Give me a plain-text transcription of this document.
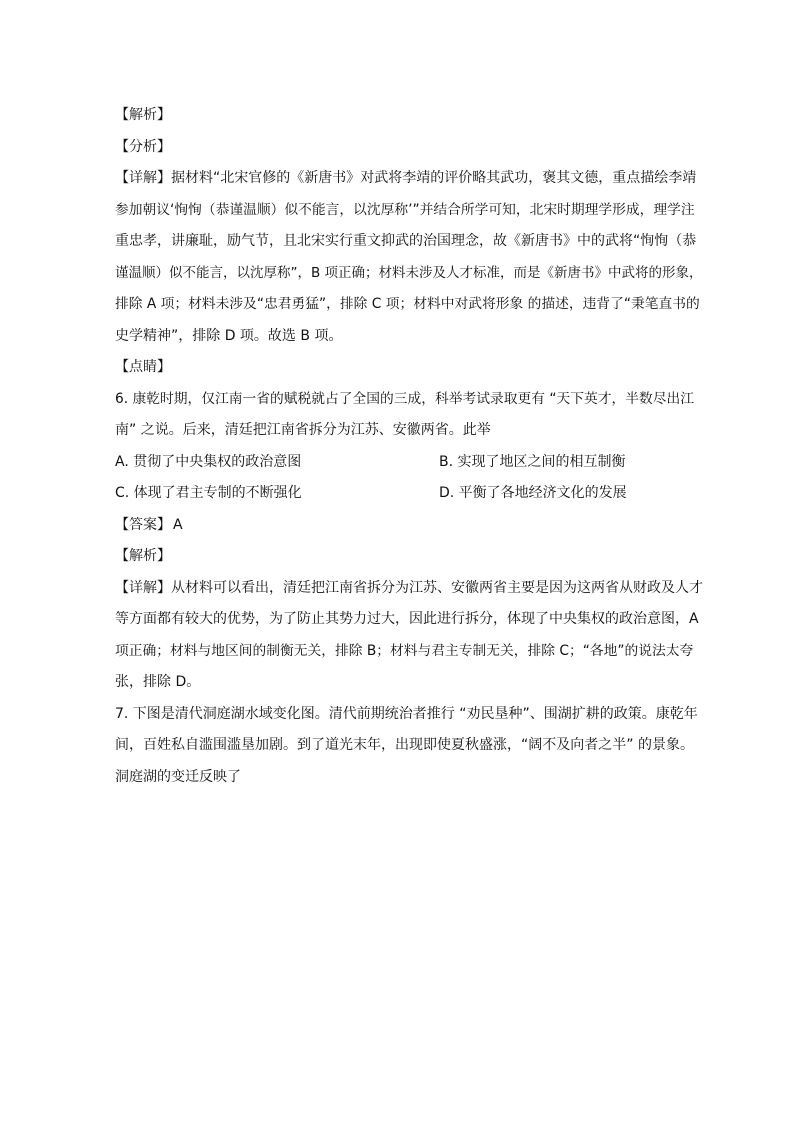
【解析】
【分析】
【详解】据材料“北宋官修的《新唐书》对武将李靖的评价略其武功，褒其文德，重点描绘李靖
参加朝议‘恂恂（恭谨温顺）似不能言，以沈厚称’”并结合所学可知，北宋时期理学形成，理学注
重忠孝，讲廉耻，励气节，且北宋实行重文抑武的治国理念，故《新唐书》中的武将“恂恂（恭
谨温顺）似不能言，以沈厚称”，B 项正确；材料未涉及人才标准，而是《新唐书》中武将的形象，
排除 A 项；材料未涉及“忠君勇猛”，排除 C 项；材料中对武将形象 的描述，违背了“秉笔直书的
史学精神”，排除 D 项。故选 B 项。
【点睛】
6. 康乾时期，仅江南一省的赋税就占了全国的三成，科举考试录取更有 “天下英才，半数尽出江
南” 之说。后来，清廷把江南省拆分为江苏、安徽两省。此举
A. 贯彻了中央集权的政治意图	B. 实现了地区之间的相互制衡
C. 体现了君主专制的不断强化	D. 平衡了各地经济文化的发展
【答案】 A
【解析】
【详解】从材料可以看出，清廷把江南省拆分为江苏、安徽两省主要是因为这两省从财政及人才
等方面都有较大的优势，为了防止其势力过大，因此进行拆分，体现了中央集权的政治意图，A
项正确；材料与地区间的制衡无关，排除 B；材料与君主专制无关，排除 C；“各地”的说法太夸
张，排除 D。
7. 下图是清代洞庭湖水域变化图。清代前期统治者推行 “劝民垦种”、围湖扩耕的政策。康乾年
间，百姓私自滥围滥垦加剧。到了道光末年，出现即使夏秋盛涨，“阔不及向者之半” 的景象。
洞庭湖的变迁反映了
